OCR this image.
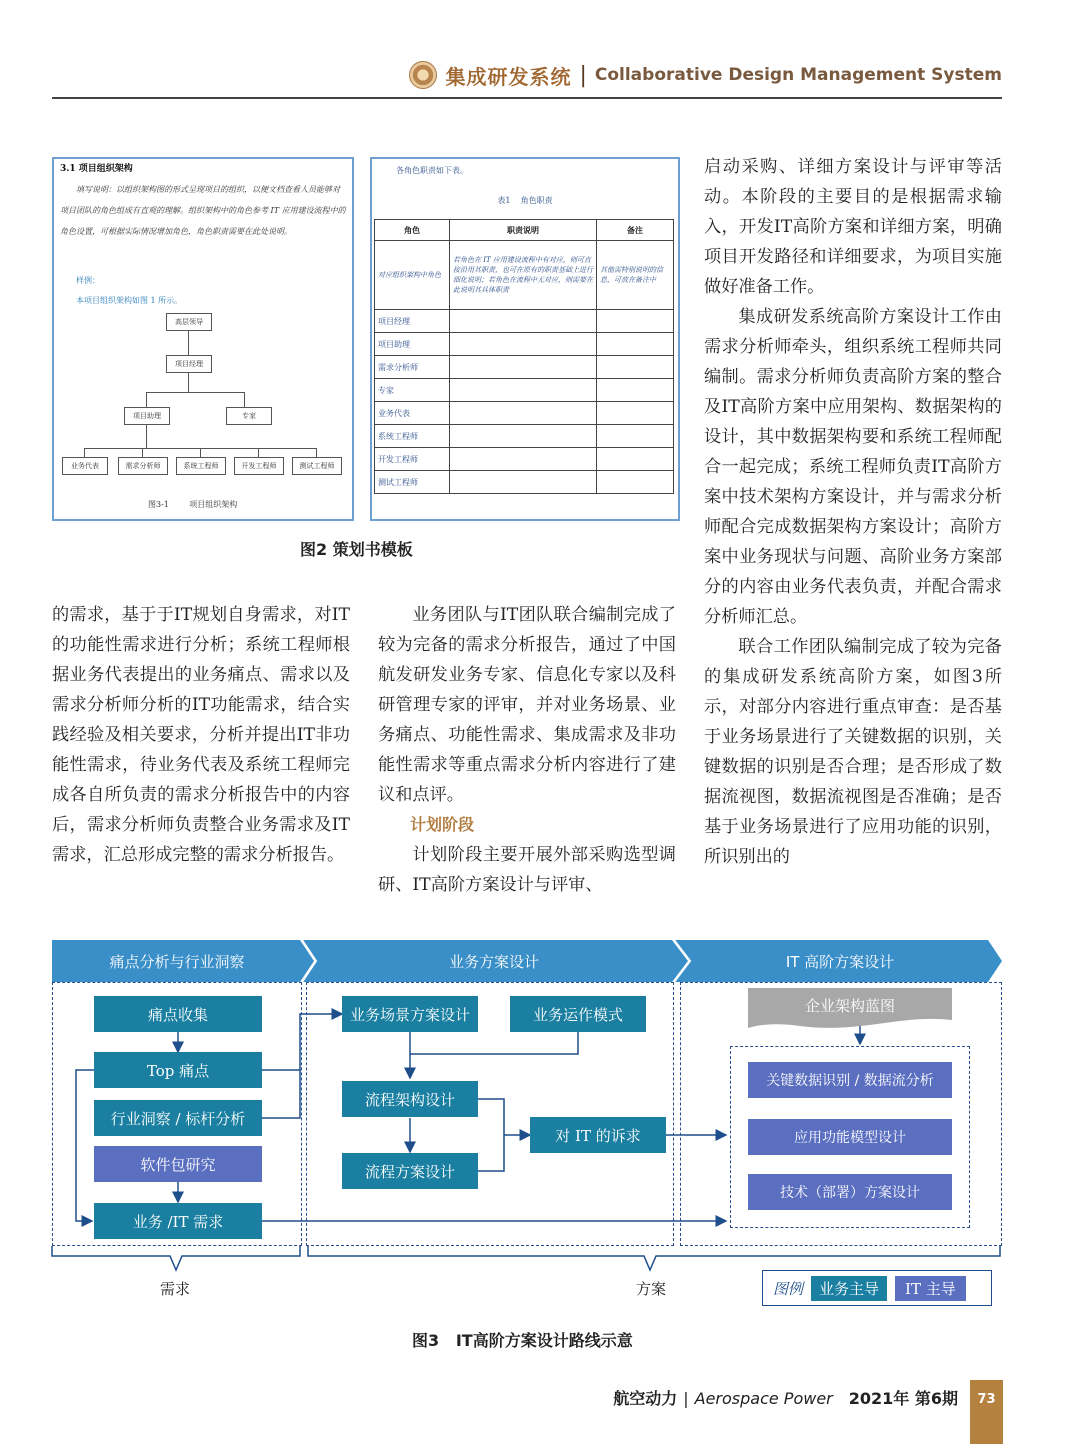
集成研发系统 | Collaborative Design Management System
3.1 项目组织架构
填写说明：以组织架构图的形式呈现项目的组织，以便文档查看人员能够对项目团队的角色组成有直观的理解。组织架构中的角色参考 IT 应用建设流程中的角色设置，可根据实际情况增加角色，角色职责需要在此处说明。
样例：
本项目组织架构如图 1 所示。
高层领导
项目经理
项目助理	专家
业务代表	需求分析师	系统工程师	开发工程师	测试工程师
图3-1        项目组织架构
各角色职责如下表。
表1    角色职责
角色	职责说明	备注
对应组织架构中角色	若角色在 IT 应用建设流程中有对应，则可直接沿用其职责，也可在原有的职责基础上进行细化说明；若角色在流程中无对应，则需要在此说明其具体职责	其他需特别说明的信息，可放在备注中
项目经理		
项目助理		
需求分析师		
专家		
业务代表		
系统工程师		
开发工程师		
测试工程师		
图2 策划书模板

启动采购、详细方案设计与评审等活动。本阶段的主要目的是根据需求输入，开发IT高阶方案和详细方案，明确项目开发路径和详细要求，为项目实施做好准备工作。

集成研发系统高阶方案设计工作由需求分析师牵头，组织系统工程师共同编制。需求分析师负责高阶方案的整合及IT高阶方案中应用架构、数据架构的设计，其中数据架构要和系统工程师配合一起完成；系统工程师负责IT高阶方案中技术架构方案设计，并与需求分析师配合完成数据架构方案设计；高阶方案中业务现状与问题、高阶业务方案部分的内容由业务代表负责，并配合需求分析师汇总。

联合工作团队编制完成了较为完备的集成研发系统高阶方案，如图3所示，对部分内容进行重点审查：是否基于业务场景进行了关键数据的识别，关键数据的识别是否合理；是否形成了数据流视图，数据流视图是否准确；是否基于业务场景进行了应用功能的识别，所识别出的

的需求，基于于IT规划自身需求，对IT的功能性需求进行分析；系统工程师根据业务代表提出的业务痛点、需求以及需求分析师分析的IT功能需求，结合实践经验及相关要求，分析并提出IT非功能性需求，待业务代表及系统工程师完成各自所负责的需求分析报告中的内容后，需求分析师负责整合业务需求及IT需求，汇总形成完整的需求分析报告。

业务团队与IT团队联合编制完成了较为完备的需求分析报告，通过了中国航发研发业务专家、信息化专家以及科研管理专家的评审，并对业务场景、业务痛点、功能性需求、集成需求及非功能性需求等重点需求分析内容进行了建议和点评。

计划阶段

计划阶段主要开展外部采购选型调研、IT高阶方案设计与评审、

痛点分析与行业洞察	业务方案设计	IT 高阶方案设计
痛点收集
Top 痛点
行业洞察 / 标杆分析
软件包研究
业务 /IT 需求
业务场景方案设计	业务运作模式
流程架构设计
流程方案设计
对 IT 的诉求
企业架构蓝图
关键数据识别 / 数据流分析
应用功能模型设计
技术（部署）方案设计
需求	方案	图例	业务主导	IT 主导
图3   IT高阶方案设计路线示意
航空动力 | Aerospace Power 2021年 第6期	73
